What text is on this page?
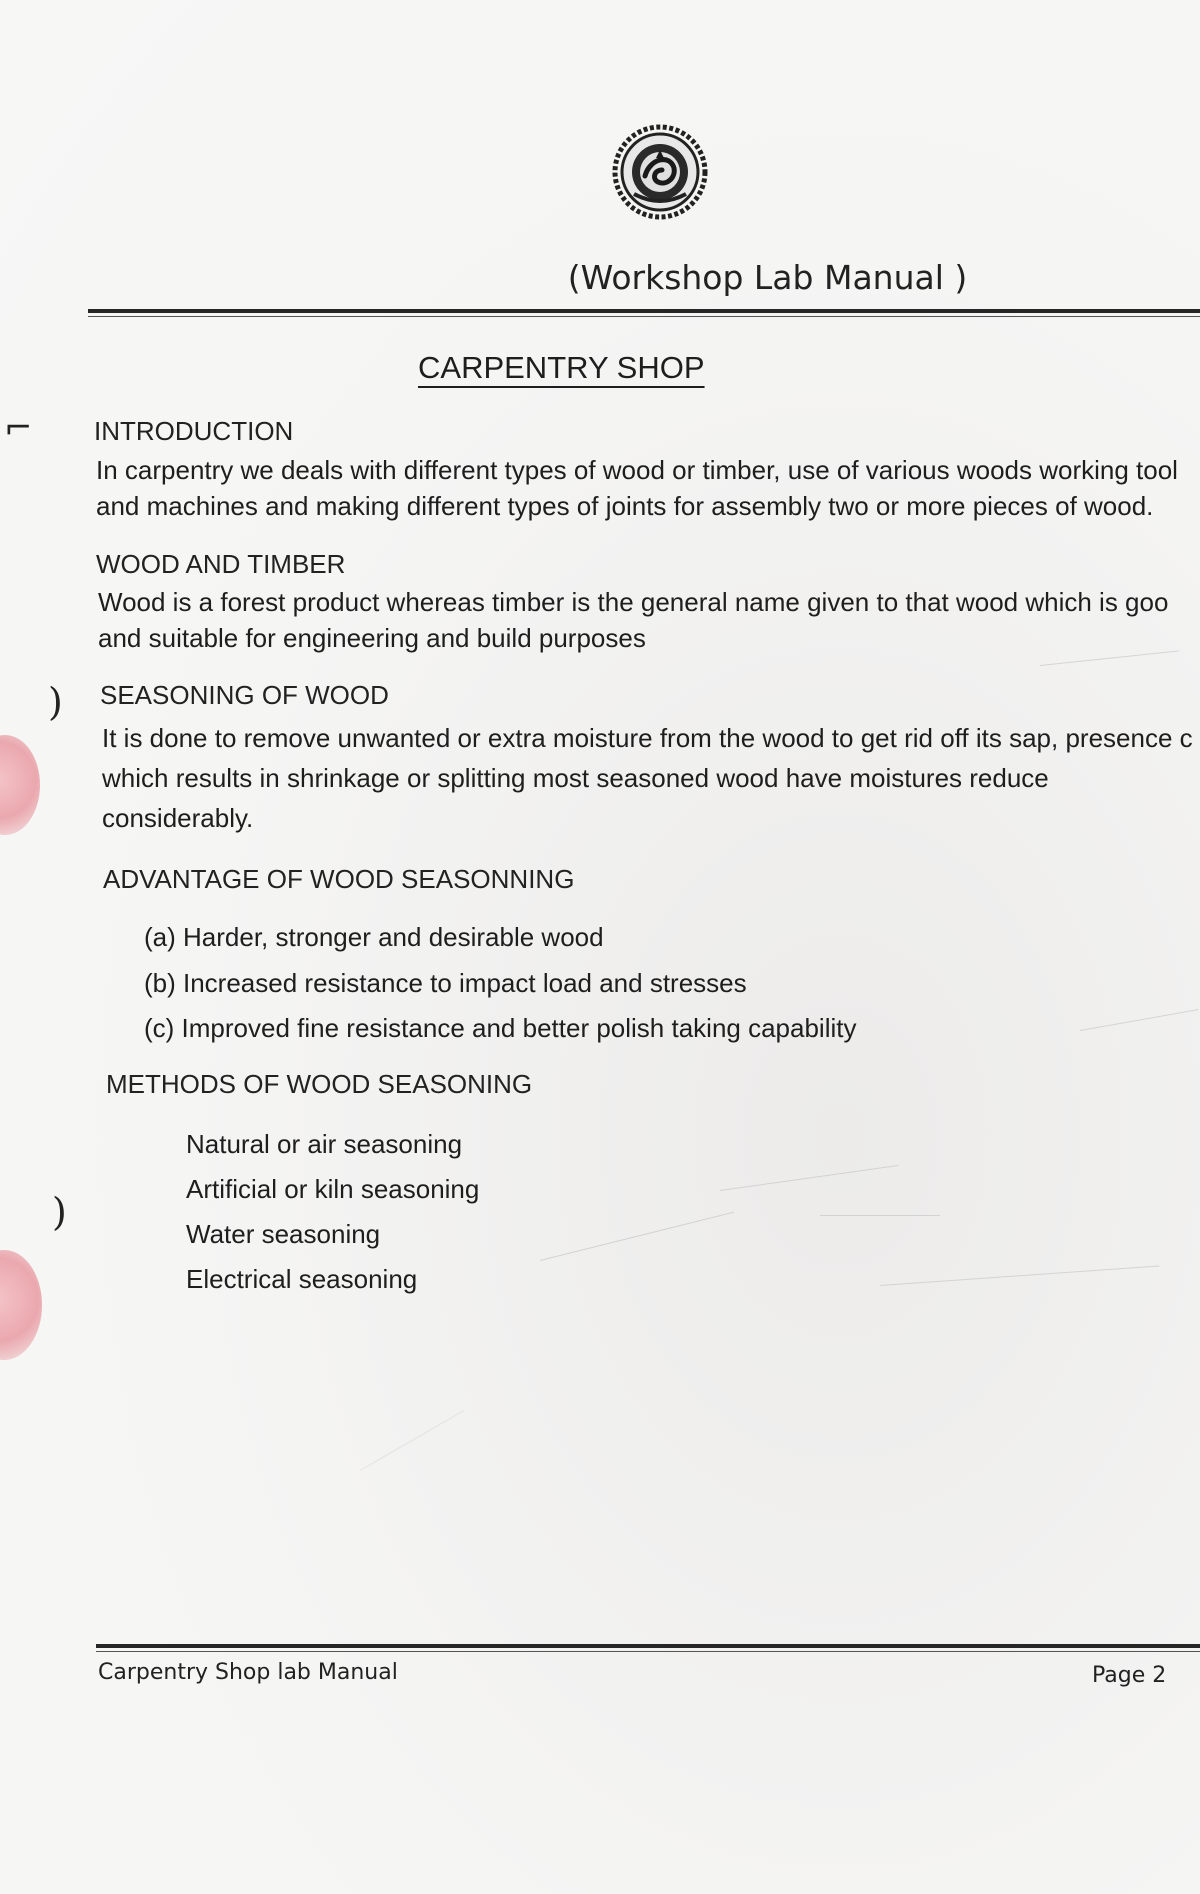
⌐
)
)
(Workshop Lab Manual )
CARPENTRY SHOP
INTRODUCTION
In carpentry we deals with different types of wood or timber, use of various woods working tool
and machines and making different types of joints for assembly two or more pieces of wood.
WOOD AND TIMBER
Wood is a forest product whereas timber is the general name given to that wood which is goo
and suitable for engineering and build purposes
SEASONING OF WOOD
It is done to remove unwanted or extra moisture from the wood to get rid off its sap, presence c
which results in shrinkage or splitting most seasoned wood have moistures reduce
considerably.
ADVANTAGE OF WOOD SEASONNING
(a) Harder, stronger and desirable wood
(b) Increased resistance to impact load and stresses
(c) Improved fine resistance and better polish taking capability
METHODS OF WOOD SEASONING
Natural or air seasoning
Artificial or kiln seasoning
Water seasoning
Electrical seasoning
Carpentry Shop lab Manual	Page 2
